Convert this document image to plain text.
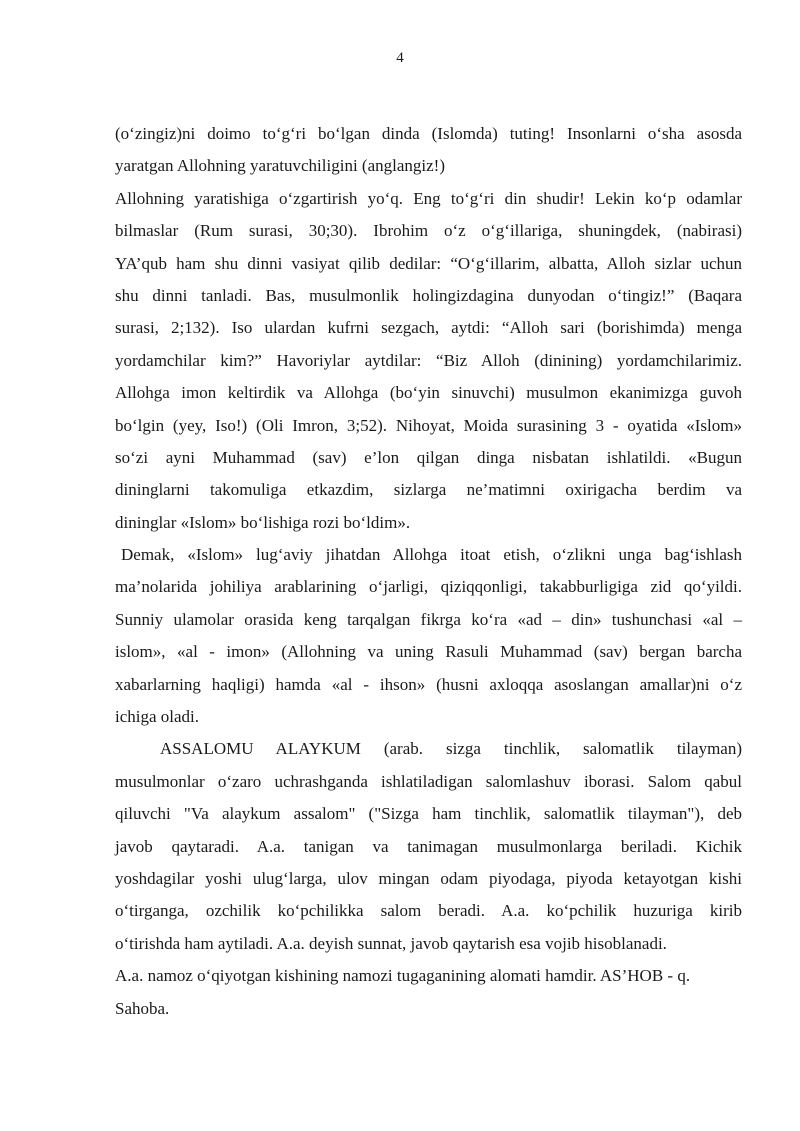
4
(o‘zingiz)ni doimo to‘g‘ri bo‘lgan dinda (Islomda) tuting! Insonlarni o‘sha asosda
yaratgan Allohning yaratuvchiligini (anglangiz!)
Allohning yaratishiga o‘zgartirish yo‘q. Eng to‘g‘ri din shudir! Lekin ko‘p odamlar
bilmaslar (Rum surasi, 30;30). Ibrohim o‘z o‘g‘illariga, shuningdek, (nabirasi)
YA’qub ham shu dinni vasiyat qilib dedilar: “O‘g‘illarim, albatta, Alloh sizlar uchun
shu dinni tanladi. Bas, musulmonlik holingizdagina dunyodan o‘tingiz!” (Baqara
surasi, 2;132). Iso ulardan kufrni sezgach, aytdi: “Alloh sari (borishimda) menga
yordamchilar kim?” Havoriylar aytdilar: “Biz Alloh (dinining) yordamchilarimiz.
Allohga imon keltirdik va Allohga (bo‘yin sinuvchi) musulmon ekanimizga guvoh
bo‘lgin (yey, Iso!) (Oli Imron, 3;52). Nihoyat, Moida surasining 3 - oyatida «Islom»
so‘zi ayni Muhammad (sav) e’lon qilgan dinga nisbatan ishlatildi. «Bugun
dininglarni takomuliga etkazdim, sizlarga ne’matimni oxirigacha berdim va
dininglar «Islom» bo‘lishiga rozi bo‘ldim».
Demak, «Islom» lug‘aviy jihatdan Allohga itoat etish, o‘zlikni unga bag‘ishlash
ma’nolarida johiliya arablarining o‘jarligi, qiziqqonligi, takabburligiga zid qo‘yildi.
Sunniy ulamolar orasida keng tarqalgan fikrga ko‘ra «ad – din» tushunchasi «al –
islom», «al - imon» (Allohning va uning Rasuli Muhammad (sav) bergan barcha
xabarlarning haqligi) hamda «al - ihson» (husni axloqqa asoslangan amallar)ni o‘z
ichiga oladi.
ASSALOMU ALAYKUM (arab. sizga tinchlik, salomatlik tilayman)
musulmonlar o‘zaro uchrashganda ishlatiladigan salomlashuv iborasi. Salom qabul
qiluvchi "Va alaykum assalom" ("Sizga ham tinchlik, salomatlik tilayman"), deb
javob qaytaradi. A.a. tanigan va tanimagan musulmonlarga beriladi. Kichik
yoshdagilar yoshi ulug‘larga, ulov mingan odam piyodaga, piyoda ketayotgan kishi
o‘tirganga, ozchilik ko‘pchilikka salom beradi. A.a. ko‘pchilik huzuriga kirib
o‘tirishda ham aytiladi. A.a. deyish sunnat, javob qaytarish esa vojib hisoblanadi.
A.a. namoz o‘qiyotgan kishining namozi tugaganining alomati hamdir. AS’HOB - q.
Sahoba.
